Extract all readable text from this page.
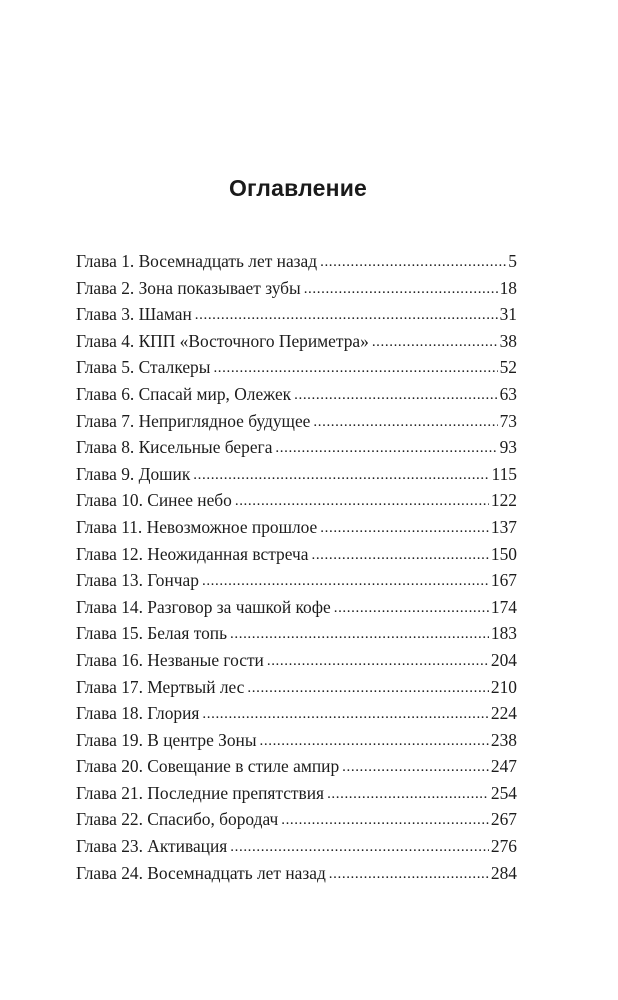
Оглавление
Глава 1. Восемнадцать лет назад .....	5
Глава 2. Зона показывает зубы .....	18
Глава 3. Шаман .....	31
Глава 4. КПП «Восточного Периметра» .....	38
Глава 5. Сталкеры .....	52
Глава 6. Спасай мир, Олежек .....	63
Глава 7. Неприглядное будущее .....	73
Глава 8. Кисельные берега .....	93
Глава 9. Дошик .....	115
Глава 10. Синее небо .....	122
Глава 11. Невозможное прошлое .....	137
Глава 12. Неожиданная встреча .....	150
Глава 13. Гончар .....	167
Глава 14. Разговор за чашкой кофе .....	174
Глава 15. Белая топь .....	183
Глава 16. Незваные гости .....	204
Глава 17. Мертвый лес .....	210
Глава 18. Глория .....	224
Глава 19. В центре Зоны .....	238
Глава 20. Совещание в стиле ампир .....	247
Глава 21. Последние препятствия .....	254
Глава 22. Спасибо, бородач .....	267
Глава 23. Активация .....	276
Глава 24. Восемнадцать лет назад .....	284
